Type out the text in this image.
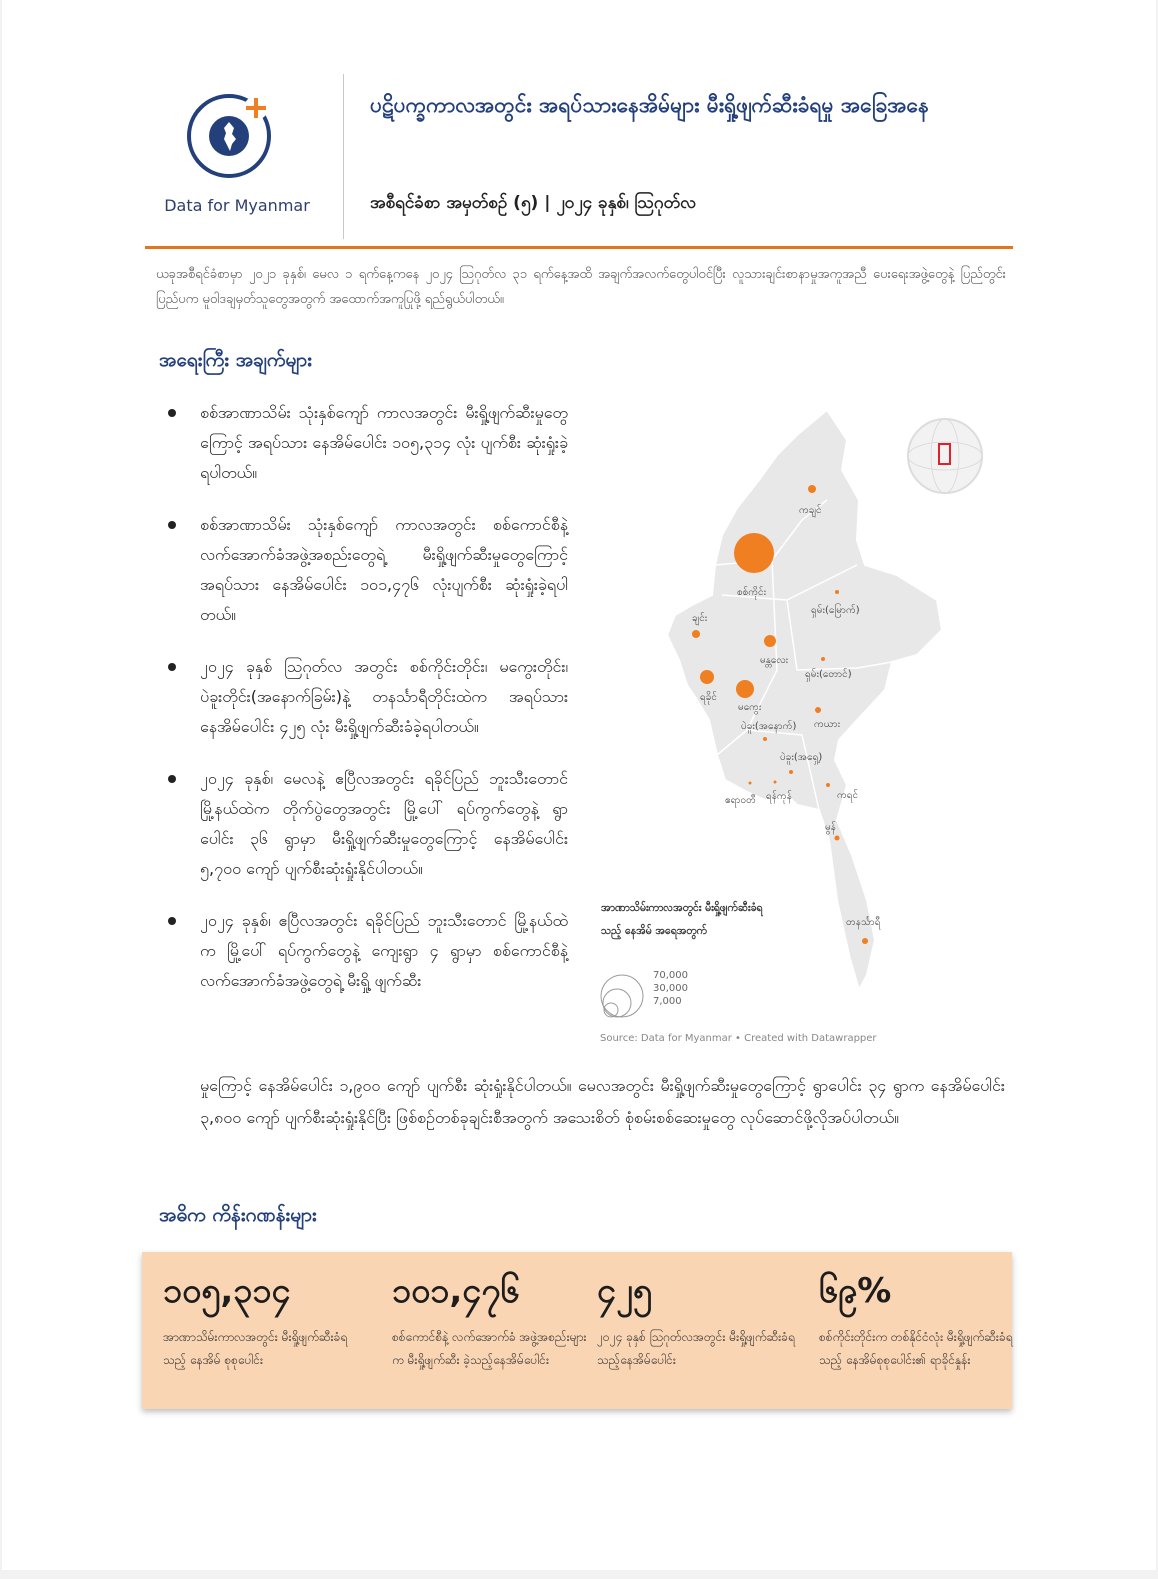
Data for Myanmar
ပဋိပက္ခကာလအတွင်း အရပ်သားနေအိမ်များ မီးရှို့ဖျက်ဆီးခံရမှု အခြေအနေ
အစီရင်ခံစာ အမှတ်စဉ် (၅) | ၂၀၂၄ ခုနှစ်၊ ဩဂုတ်လ
ယခုအစီရင်ခံစာမှာ ၂၀၂၁ ခုနှစ်၊ မေလ ၁ ရက်နေ့ကနေ ၂၀၂၄ ဩဂုတ်လ ၃၁ ရက်နေ့အထိ အချက်အလက်တွေပါဝင်ပြီး လူသားချင်းစာနာမှုအကူအညီ ပေးရေးအဖွဲ့တွေနဲ့ ပြည်တွင်းပြည်ပက မူဝါဒချမှတ်သူတွေအတွက် အထောက်အကူပြုဖို့ ရည်ရွယ်ပါတယ်။
အရေးကြီး အချက်များ
စစ်အာဏာသိမ်း သုံးနှစ်ကျော် ကာလအတွင်း မီးရှို့ဖျက်ဆီးမှုတွေကြောင့် အရပ်သား နေအိမ်ပေါင်း ၁၀၅,၃၁၄ လုံး ပျက်စီး ဆုံးရှုံးခဲ့ရပါတယ်။
စစ်အာဏာသိမ်း သုံးနှစ်ကျော် ကာလအတွင်း စစ်ကောင်စီနဲ့ လက်အောက်ခံအဖွဲ့အစည်းတွေရဲ့ မီးရှို့ဖျက်ဆီးမှုတွေကြောင့် အရပ်သား နေအိမ်ပေါင်း ၁၀၁,၄၇၆ လုံးပျက်စီး ဆုံးရှုံးခဲ့ရပါတယ်။
၂၀၂၄ ခုနှစ် ဩဂုတ်လ အတွင်း စစ်ကိုင်းတိုင်း၊ မကွေးတိုင်း၊ ပဲခူးတိုင်း(အနောက်ခြမ်း)နဲ့ တနင်္သာရီတိုင်းထဲက အရပ်သားနေအိမ်ပေါင်း ၄၂၅ လုံး မီးရှို့ဖျက်ဆီးခံခဲ့ရပါတယ်။
၂၀၂၄ ခုနှစ်၊ မေလနဲ့ ဧပြီလအတွင်း ရခိုင်ပြည် ဘူးသီးတောင်မြို့နယ်ထဲက တိုက်ပွဲတွေအတွင်း မြို့ပေါ် ရပ်ကွက်တွေနဲ့ ရွာပေါင်း ၃၆ ရွာမှာ မီးရှို့ဖျက်ဆီးမှုတွေကြောင့် နေအိမ်ပေါင်း ၅,၇၀၀ ကျော် ပျက်စီးဆုံးရှုံးနိုင်ပါတယ်။
၂၀၂၄ ခုနှစ်၊ ဧပြီလအတွင်း ရခိုင်ပြည် ဘူးသီးတောင် မြို့နယ်ထဲက မြို့ပေါ် ရပ်ကွက်တွေနဲ့ ကျေးရွာ ၄ ရွာမှာ စစ်ကောင်စီနဲ့ လက်အောက်ခံအဖွဲ့တွေရဲ့ မီးရှို့ ဖျက်ဆီး
မှုကြောင့် နေအိမ်ပေါင်း ၁,၉၀၀ ကျော် ပျက်စီး ဆုံးရှုံးနိုင်ပါတယ်။ မေလအတွင်း မီးရှို့ဖျက်ဆီးမှုတွေကြောင့် ရွာပေါင်း ၃၄ ရွာက နေအိမ်ပေါင်း ၃,၈၀၀ ကျော် ပျက်စီးဆုံးရှုံးနိုင်ပြီး ဖြစ်စဉ်တစ်ခုချင်းစီအတွက် အသေးစိတ် စုံစမ်းစစ်ဆေးမှုတွေ လုပ်ဆောင်ဖို့လိုအပ်ပါတယ်။
ကချင်
စစ်ကိုင်း
ရှမ်း(မြောက်)
ချင်း
မန္တလေး
ရှမ်း(တောင်)
ရခိုင်
မကွေး
ပဲခူး(အနောက်) ကယား
ပဲခူး(အရှေ့)
ဧရာဝတီ ရန်ကုန်	ကရင်
မွန်
တနင်္သာရီ
အာဏာသိမ်းကာလအတွင်း မီးရှို့ဖျက်ဆီးခံရသည့် နေအိမ် အရေအတွက်
70,000
30,000
7,000
Source: Data for Myanmar • Created with Datawrapper
အဓိက ကိန်းဂဏန်းများ
၁၀၅,၃၁၄
အာဏာသိမ်းကာလအတွင်း မီးရှို့ဖျက်ဆီးခံရသည့် နေအိမ် စုစုပေါင်း
၁၀၁,၄၇၆
စစ်ကောင်စီနဲ့ လက်အောက်ခံ အဖွဲ့အစည်းများက မီးရှို့ဖျက်ဆီး ခဲ့သည့်နေအိမ်ပေါင်း
၄၂၅
၂၀၂၄ ခုနှစ် ဩဂုတ်လအတွင်း မီးရှို့ဖျက်ဆီးခံရသည့်နေအိမ်ပေါင်း
၆၉%
စစ်ကိုင်းတိုင်းက တစ်နိုင်ငံလုံး မီးရှို့ဖျက်ဆီးခံရသည့် နေအိမ်စုစုပေါင်း၏ ရာခိုင်နှုန်း
